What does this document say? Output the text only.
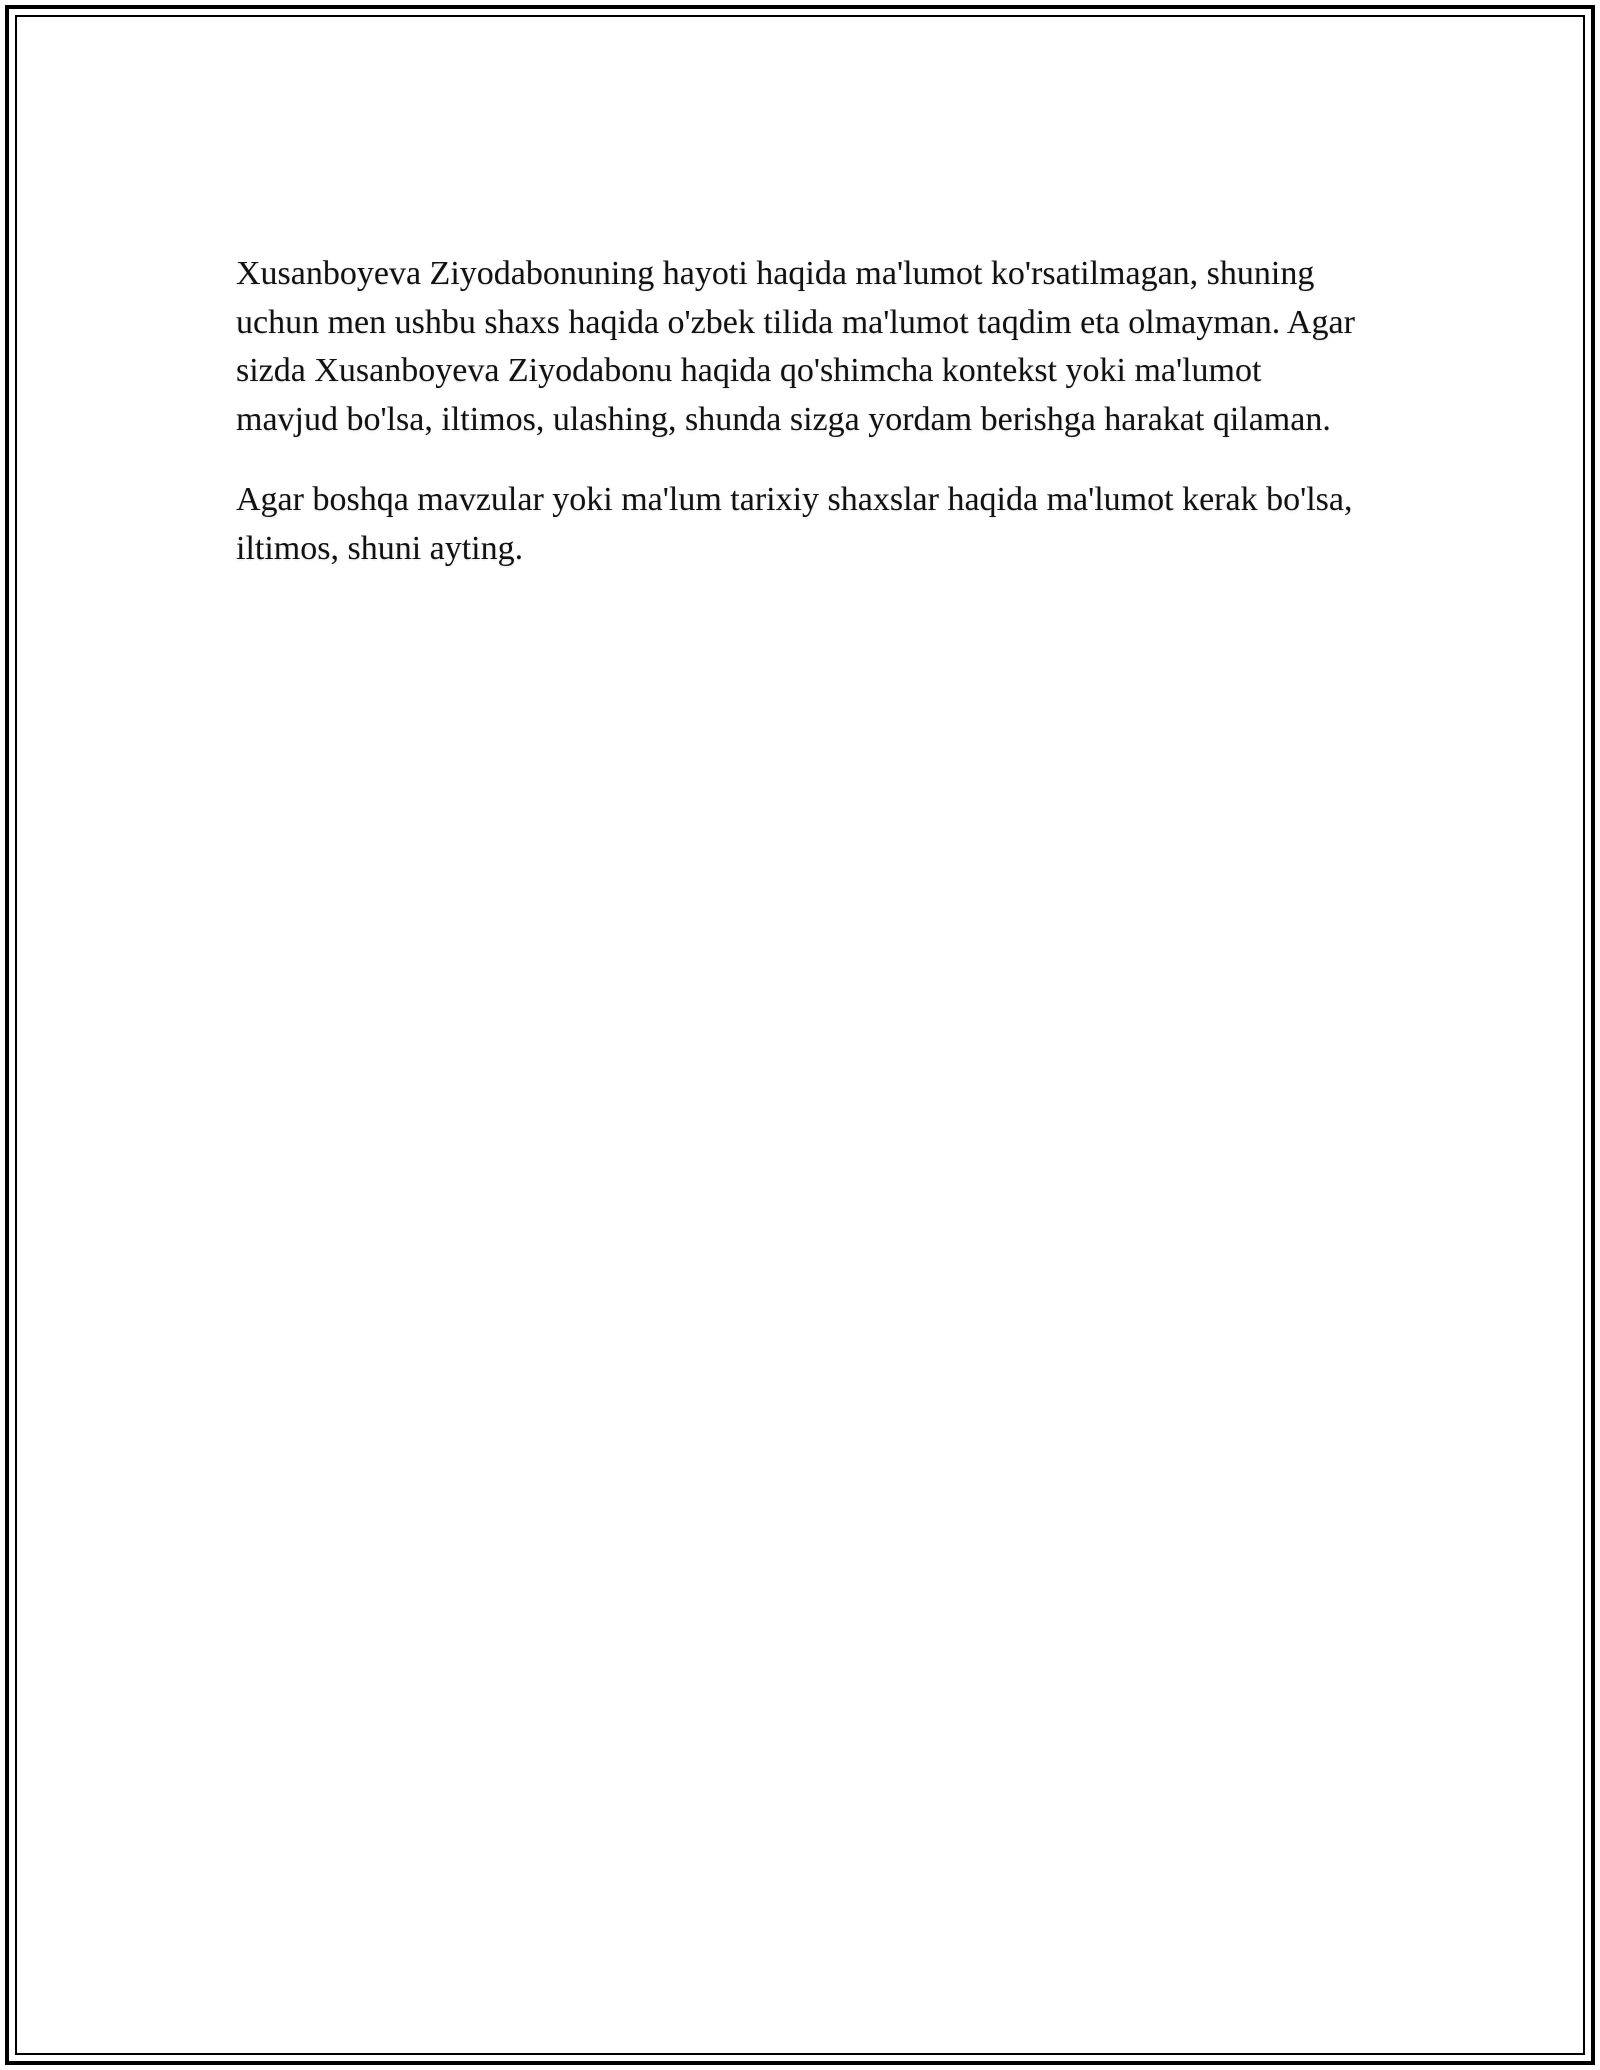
Xusanboyeva Ziyodabonuning hayoti haqida ma'lumot ko'rsatilmagan, shuning uchun men ushbu shaxs haqida o'zbek tilida ma'lumot taqdim eta olmayman. Agar sizda Xusanboyeva Ziyodabonu haqida qo'shimcha kontekst yoki ma'lumot mavjud bo'lsa, iltimos, ulashing, shunda sizga yordam berishga harakat qilaman.

Agar boshqa mavzular yoki ma'lum tarixiy shaxslar haqida ma'lumot kerak bo'lsa, iltimos, shuni ayting.
